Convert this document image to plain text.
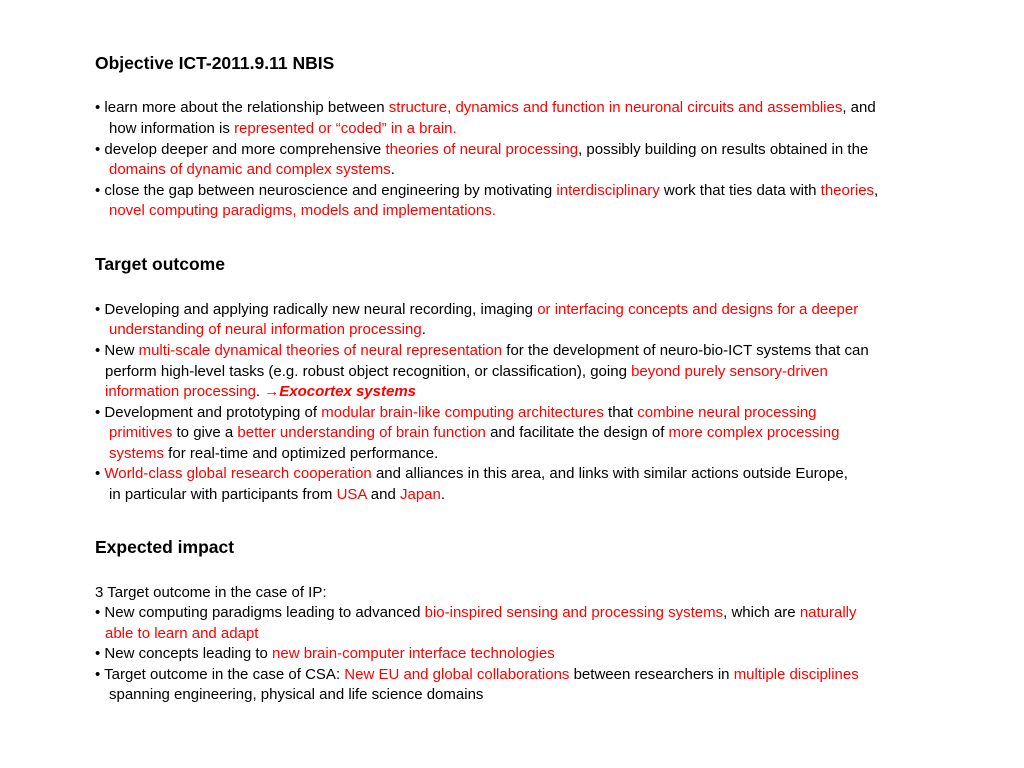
Objective ICT-2011.9.11 NBIS
• learn more about the relationship between structure, dynamics and function in neuronal circuits and assemblies, and
how information is represented or “coded” in a brain.
• develop deeper and more comprehensive theories of neural processing, possibly building on results obtained in the
domains of dynamic and complex systems.
• close the gap between neuroscience and engineering by motivating interdisciplinary work that ties data with theories,
novel computing paradigms, models and implementations.
Target outcome
• Developing and applying radically new neural recording, imaging or interfacing concepts and designs for a deeper
understanding of neural information processing.
• New multi-scale dynamical theories of neural representation for the development of neuro-bio-ICT systems that can
perform high-level tasks (e.g. robust object recognition, or classification), going beyond purely sensory-driven
information processing. →Exocortex systems
• Development and prototyping of modular brain-like computing architectures that combine neural processing
primitives to give a better understanding of brain function and facilitate the design of more complex processing
systems for real-time and optimized performance.
• World-class global research cooperation and alliances in this area, and links with similar actions outside Europe,
in particular with participants from USA and Japan.
Expected impact
3 Target outcome in the case of IP:
• New computing paradigms leading to advanced bio-inspired sensing and processing systems, which are naturally
able to learn and adapt
• New concepts leading to new brain-computer interface technologies
• Target outcome in the case of CSA: New EU and global collaborations between researchers in multiple disciplines
spanning engineering, physical and life science domains
